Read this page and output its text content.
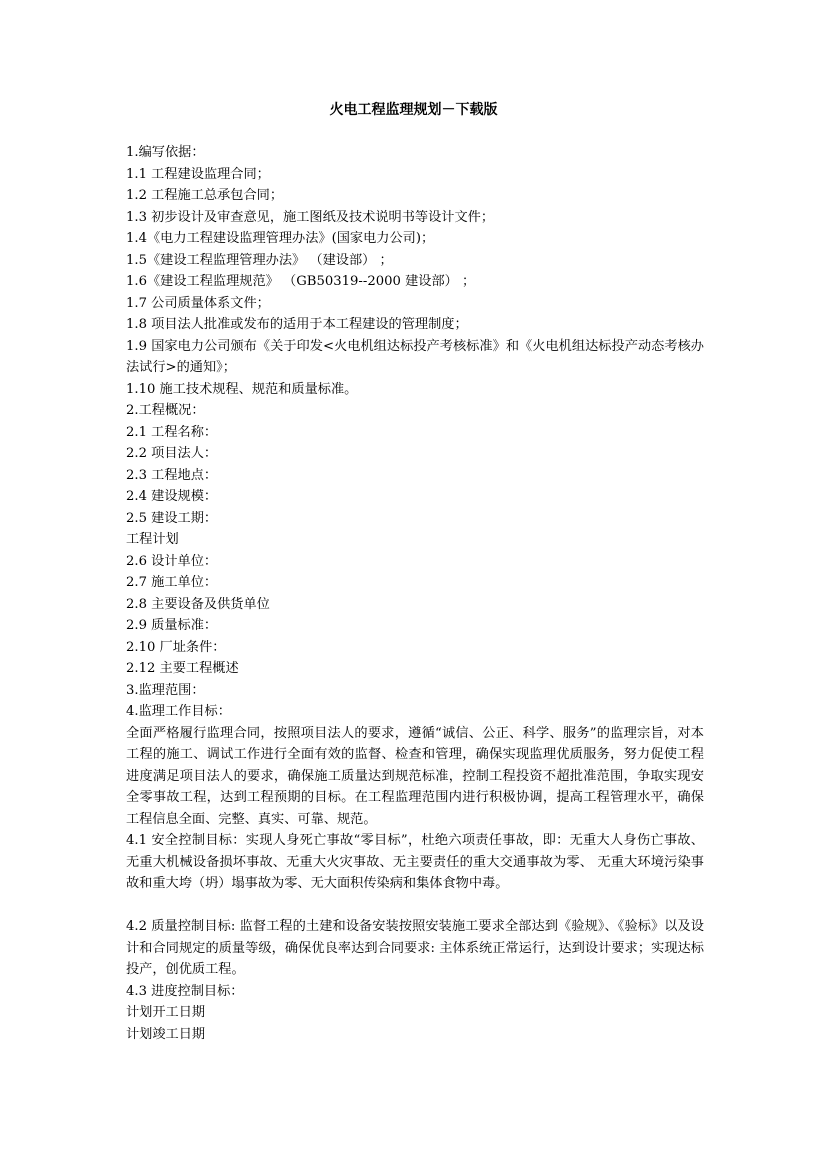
火电工程监理规划－下载版
1.编写依据：
1.1 工程建设监理合同；
1.2 工程施工总承包合同；
1.3 初步设计及审查意见，施工图纸及技术说明书等设计文件；
1.4《电力工程建设监理管理办法》(国家电力公司)；
1.5《建设工程监理管理办法》 （建设部） ；
1.6《建设工程监理规范》 （GB50319--2000 建设部） ；
1.7 公司质量体系文件；
1.8 项目法人批准或发布的适用于本工程建设的管理制度；
1.9 国家电力公司颁布《关于印发<火电机组达标投产考核标准》和《火电机组达标投产动态考核办法试行>的通知》；
1.10 施工技术规程、规范和质量标准。
2.工程概况：
2.1 工程名称：
2.2 项目法人：
2.3 工程地点：
2.4 建设规模：
2.5 建设工期：
工程计划
2.6 设计单位：
2.7 施工单位：
2.8 主要设备及供货单位
2.9 质量标准：
2.10 厂址条件：
2.12 主要工程概述
3.监理范围：
4.监理工作目标：
全面严格履行监理合同，按照项目法人的要求，遵循“诚信、公正、科学、服务”的监理宗旨，对本工程的施工、调试工作进行全面有效的监督、检查和管理，确保实现监理优质服务，努力促使工程进度满足项目法人的要求，确保施工质量达到规范标准，控制工程投资不超批准范围，争取实现安全零事故工程，达到工程预期的目标。在工程监理范围内进行积极协调，提高工程管理水平，确保工程信息全面、完整、真实、可靠、规范。
4.1 安全控制目标：实现人身死亡事故“零目标”，杜绝六项责任事故，即：无重大人身伤亡事故、无重大机械设备损坏事故、无重大火灾事故、无主要责任的重大交通事故为零、 无重大环境污染事故和重大垮（坍）塌事故为零、无大面积传染病和集体食物中毒。
4.2 质量控制目标: 监督工程的土建和设备安装按照安装施工要求全部达到《验规》、《验标》以及设计和合同规定的质量等级，确保优良率达到合同要求: 主体系统正常运行，达到设计要求；实现达标投产，创优质工程。
4.3 进度控制目标：
计划开工日期
计划竣工日期
